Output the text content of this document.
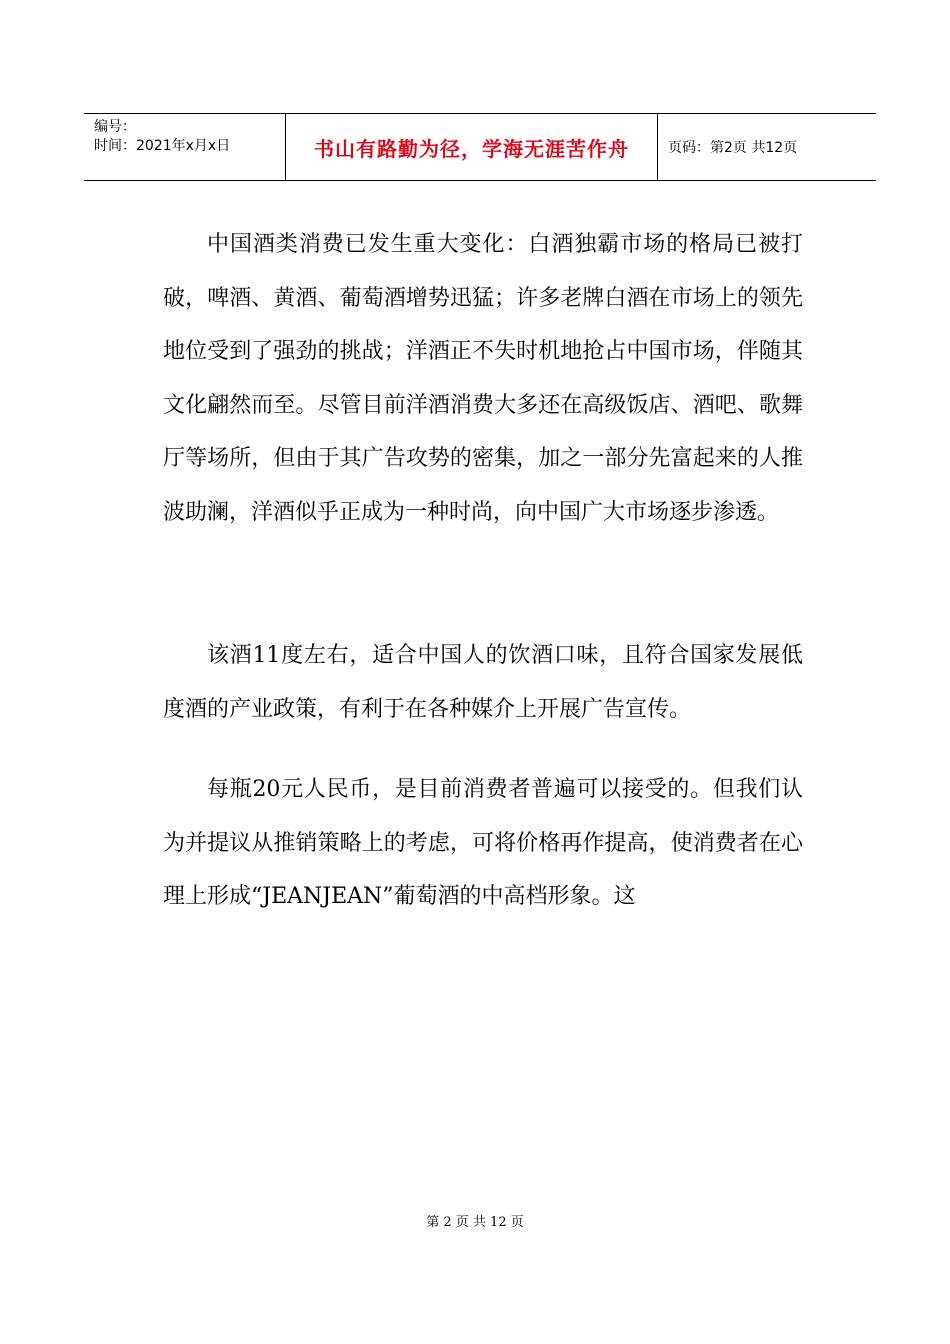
编号：
时间：2021年x月x日	书山有路勤为径，学海无涯苦作舟	页码：第2页 共12页

中国酒类消费已发生重大变化：白酒独霸市场的格局已被打破，啤酒、黄酒、葡萄酒增势迅猛；许多老牌白酒在市场上的领先地位受到了强劲的挑战；洋酒正不失时机地抢占中国市场，伴随其文化翩然而至。尽管目前洋酒消费大多还在高级饭店、酒吧、歌舞厅等场所，但由于其广告攻势的密集，加之一部分先富起来的人推波助澜，洋酒似乎正成为一种时尚，向中国广大市场逐步渗透。

该酒11度左右，适合中国人的饮酒口味，且符合国家发展低度酒的产业政策，有利于在各种媒介上开展广告宣传。

每瓶20元人民币，是目前消费者普遍可以接受的。但我们认为并提议从推销策略上的考虑，可将价格再作提高，使消费者在心理上形成“JEANJEAN”葡萄酒的中高档形象。这

第 2 页 共 12 页
